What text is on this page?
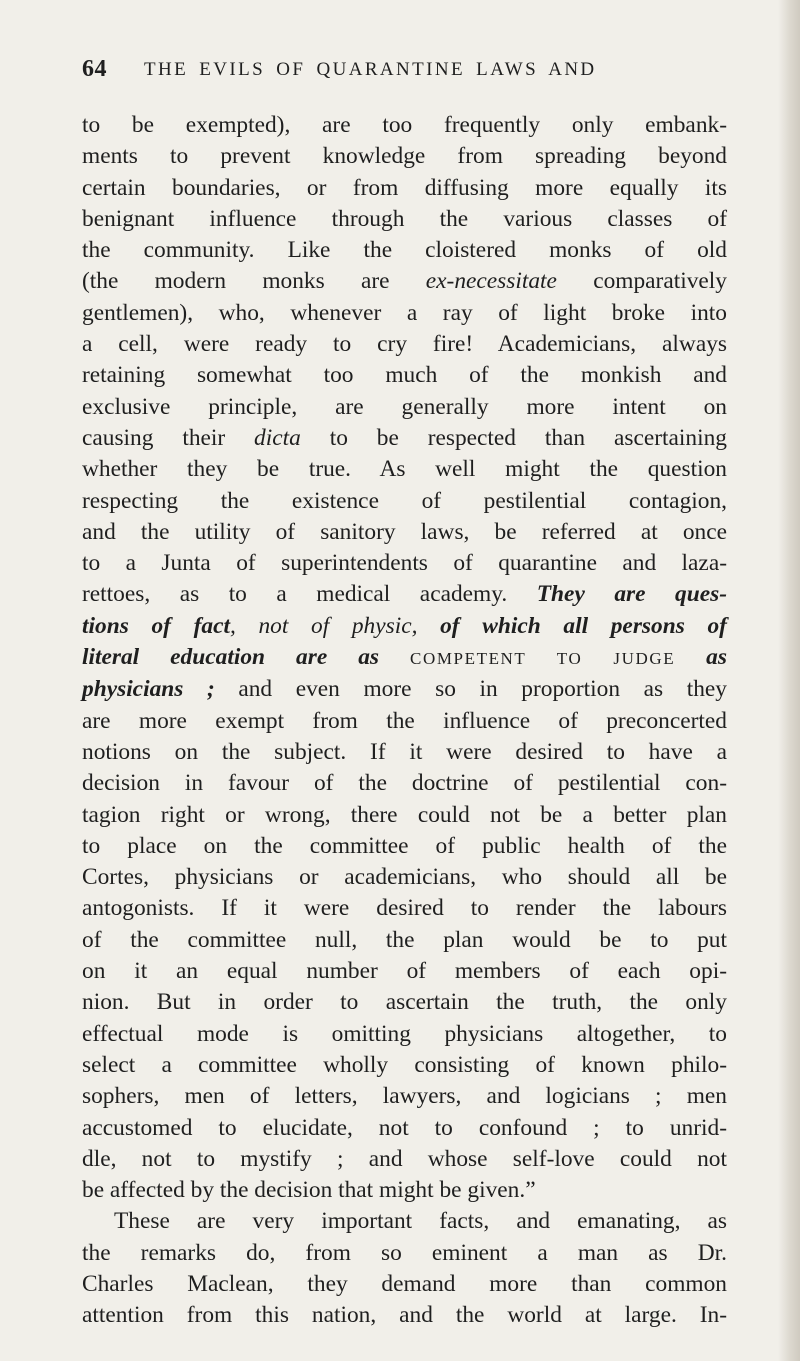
64 THE EVILS OF QUARANTINE LAWS AND
to be exempted), are too frequently only embank-
ments to prevent knowledge from spreading beyond
certain boundaries, or from diffusing more equally its
benignant influence through the various classes of
the community. Like the cloistered monks of old
(the modern monks are ex-necessitate comparatively
gentlemen), who, whenever a ray of light broke into
a cell, were ready to cry fire! Academicians, always
retaining somewhat too much of the monkish and
exclusive principle, are generally more intent on
causing their dicta to be respected than ascertaining
whether they be true. As well might the question
respecting the existence of pestilential contagion,
and the utility of sanitory laws, be referred at once
to a Junta of superintendents of quarantine and laza-
rettoes, as to a medical academy. They are ques-
tions of fact, not of physic, of which all persons of
literal education are as COMPETENT TO JUDGE as
physicians ; and even more so in proportion as they
are more exempt from the influence of preconcerted
notions on the subject. If it were desired to have a
decision in favour of the doctrine of pestilential con-
tagion right or wrong, there could not be a better plan
to place on the committee of public health of the
Cortes, physicians or academicians, who should all be
antogonists. If it were desired to render the labours
of the committee null, the plan would be to put
on it an equal number of members of each opi-
nion. But in order to ascertain the truth, the only
effectual mode is omitting physicians altogether, to
select a committee wholly consisting of known philo-
sophers, men of letters, lawyers, and logicians ; men
accustomed to elucidate, not to confound ; to unrid-
dle, not to mystify ; and whose self-love could not
be affected by the decision that might be given.”
These are very important facts, and emanating, as
the remarks do, from so eminent a man as Dr.
Charles Maclean, they demand more than common
attention from this nation, and the world at large. In-
